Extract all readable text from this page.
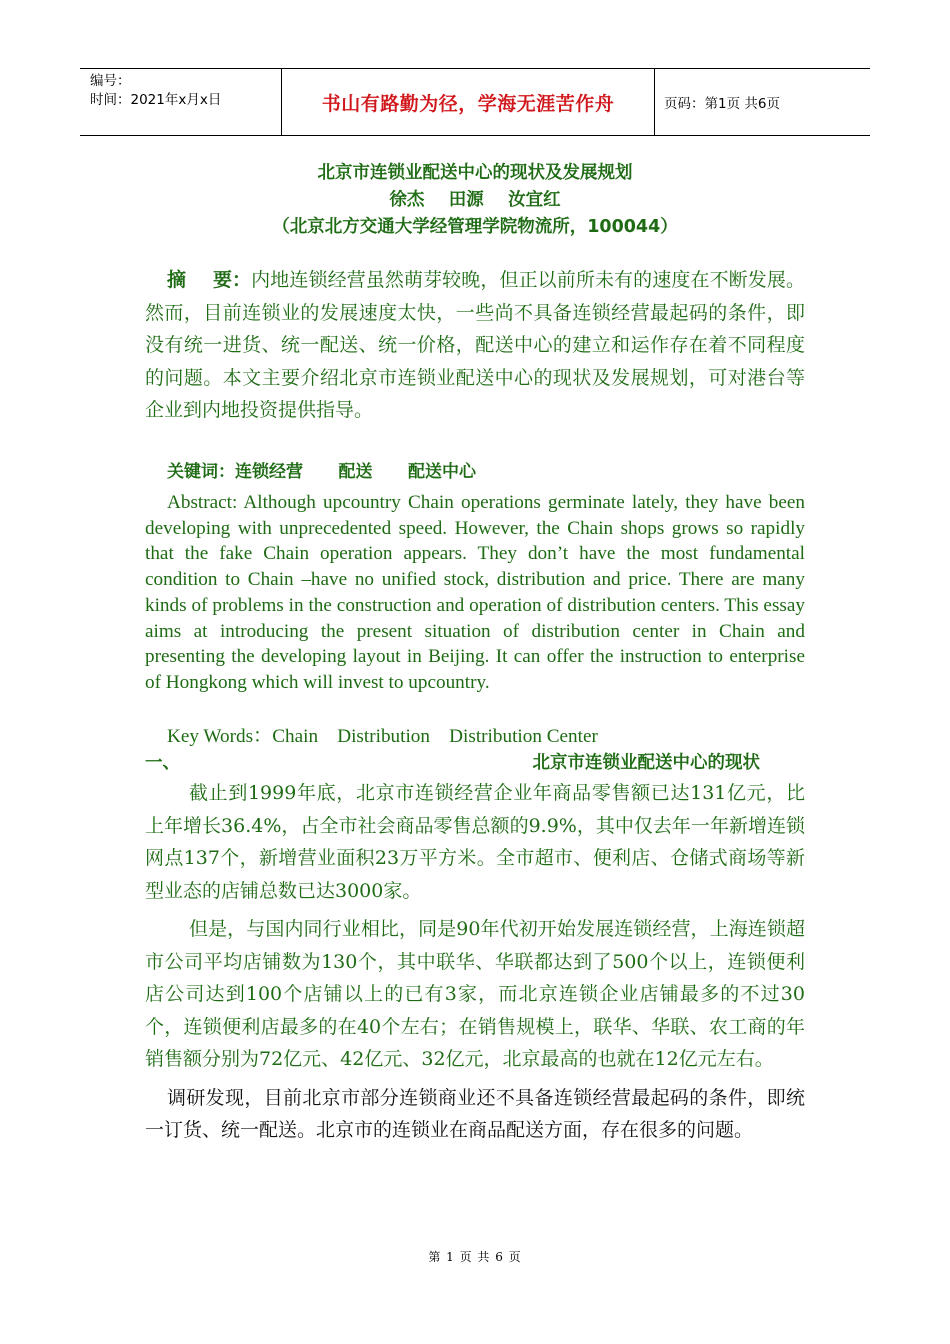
编号：
时间：2021年x月x日	书山有路勤为径，学海无涯苦作舟	页码：第1页 共6页
北京市连锁业配送中心的现状及发展规划
徐杰    田源    汝宜红
（北京北方交通大学经管理学院物流所，100044）

摘    要：内地连锁经营虽然萌芽较晚，但正以前所未有的速度在不断发展。然而，目前连锁业的发展速度太快，一些尚不具备连锁经营最起码的条件，即没有统一进货、统一配送、统一价格，配送中心的建立和运作存在着不同程度的问题。本文主要介绍北京市连锁业配送中心的现状及发展规划，可对港台等企业到内地投资提供指导。

关键词：连锁经营      配送      配送中心

Abstract: Although upcountry Chain operations germinate lately, they have been developing with unprecedented speed. However, the Chain shops grows so rapidly that the fake Chain operation appears. They don’t have the most fundamental condition to Chain –have no unified stock, distribution and price. There are many kinds of problems in the construction and operation of distribution centers. This essay aims at introducing the present situation of distribution center in Chain and presenting the developing layout in Beijing. It can offer the instruction to enterprise of Hongkong which will invest to upcountry.

Key Words：Chain    Distribution    Distribution Center

一、	北京市连锁业配送中心的现状

截止到1999年底，北京市连锁经营企业年商品零售额已达131亿元，比上年增长36.4%，占全市社会商品零售总额的9.9%，其中仅去年一年新增连锁网点137个，新增营业面积23万平方米。全市超市、便利店、仓储式商场等新型业态的店铺总数已达3000家。

但是，与国内同行业相比，同是90年代初开始发展连锁经营，上海连锁超市公司平均店铺数为130个，其中联华、华联都达到了500个以上，连锁便利店公司达到100个店铺以上的已有3家，而北京连锁企业店铺最多的不过30个，连锁便利店最多的在40个左右；在销售规模上，联华、华联、农工商的年销售额分别为72亿元、42亿元、32亿元，北京最高的也就在12亿元左右。

调研发现，目前北京市部分连锁商业还不具备连锁经营最起码的条件，即统一订货、统一配送。北京市的连锁业在商品配送方面，存在很多的问题。

第 1 页 共 6 页
